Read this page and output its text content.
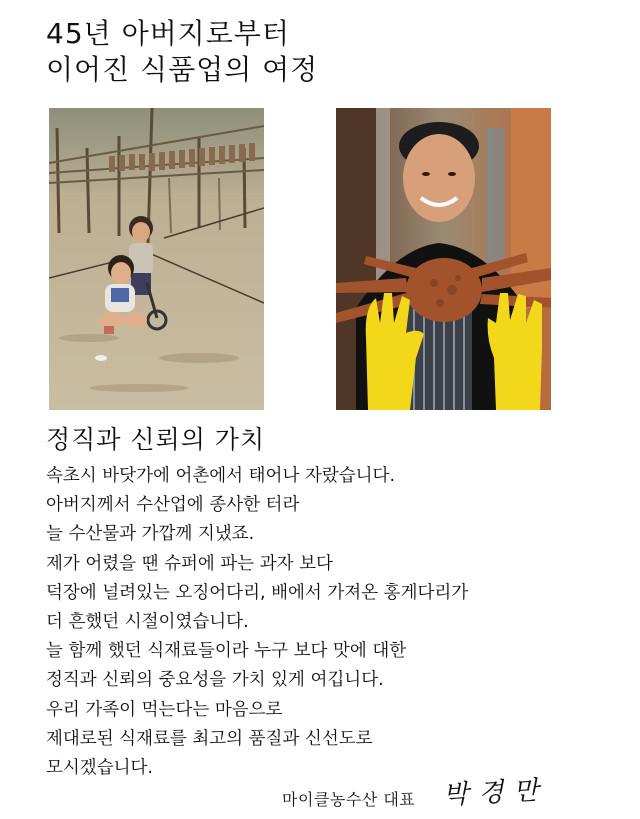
45년 아버지로부터
이어진 식품업의 여정
정직과 신뢰의 가치
속초시 바닷가에 어촌에서 태어나 자랐습니다.
아버지께서 수산업에 종사한 터라
늘 수산물과 가깝께 지냈죠.
제가 어렸을 땐 슈퍼에 파는 과자 보다
덕장에 널려있는 오징어다리, 배에서 가져온 홍게다리가
더 흔했던 시절이였습니다.
늘 함께 했던 식재료들이라 누구 보다 맛에 대한
정직과 신뢰의 중요성을 가치 있게 여깁니다.
우리 가족이 먹는다는 마음으로
제대로된 식재료를 최고의 품질과 신선도로
모시겠습니다.
마이클농수산 대표 박경만
